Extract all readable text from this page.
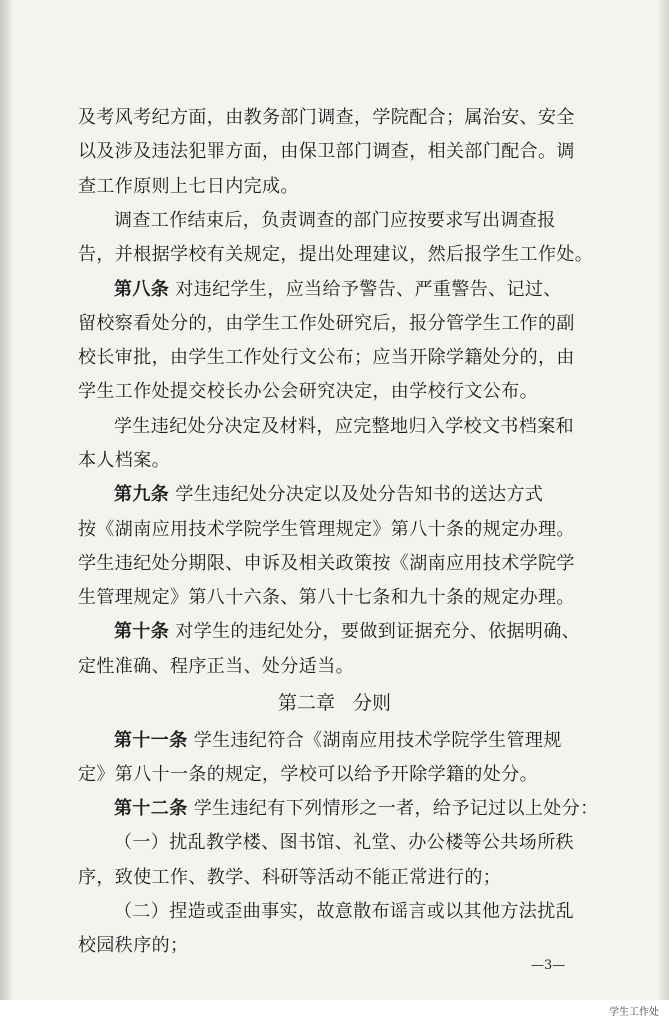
及考风考纪方面，由教务部门调查，学院配合；属治安、安全
以及涉及违法犯罪方面，由保卫部门调查，相关部门配合。调
查工作原则上七日内完成。
调查工作结束后，负责调查的部门应按要求写出调查报
告，并根据学校有关规定，提出处理建议，然后报学生工作处。
第八条 对违纪学生，应当给予警告、严重警告、记过、
留校察看处分的，由学生工作处研究后，报分管学生工作的副
校长审批，由学生工作处行文公布；应当开除学籍处分的，由
学生工作处提交校长办公会研究决定，由学校行文公布。
学生违纪处分决定及材料，应完整地归入学校文书档案和
本人档案。
第九条 学生违纪处分决定以及处分告知书的送达方式
按《湖南应用技术学院学生管理规定》第八十条的规定办理。
学生违纪处分期限、申诉及相关政策按《湖南应用技术学院学
生管理规定》第八十六条、第八十七条和九十条的规定办理。
第十条 对学生的违纪处分，要做到证据充分、依据明确、
定性准确、程序正当、处分适当。
第二章   分则
第十一条 学生违纪符合《湖南应用技术学院学生管理规
定》第八十一条的规定，学校可以给予开除学籍的处分。
第十二条 学生违纪有下列情形之一者，给予记过以上处分：
（一）扰乱教学楼、图书馆、礼堂、办公楼等公共场所秩
序，致使工作、教学、科研等活动不能正常进行的；
（二）捏造或歪曲事实，故意散布谣言或以其他方法扰乱
校园秩序的；
—3—
学生工作处
